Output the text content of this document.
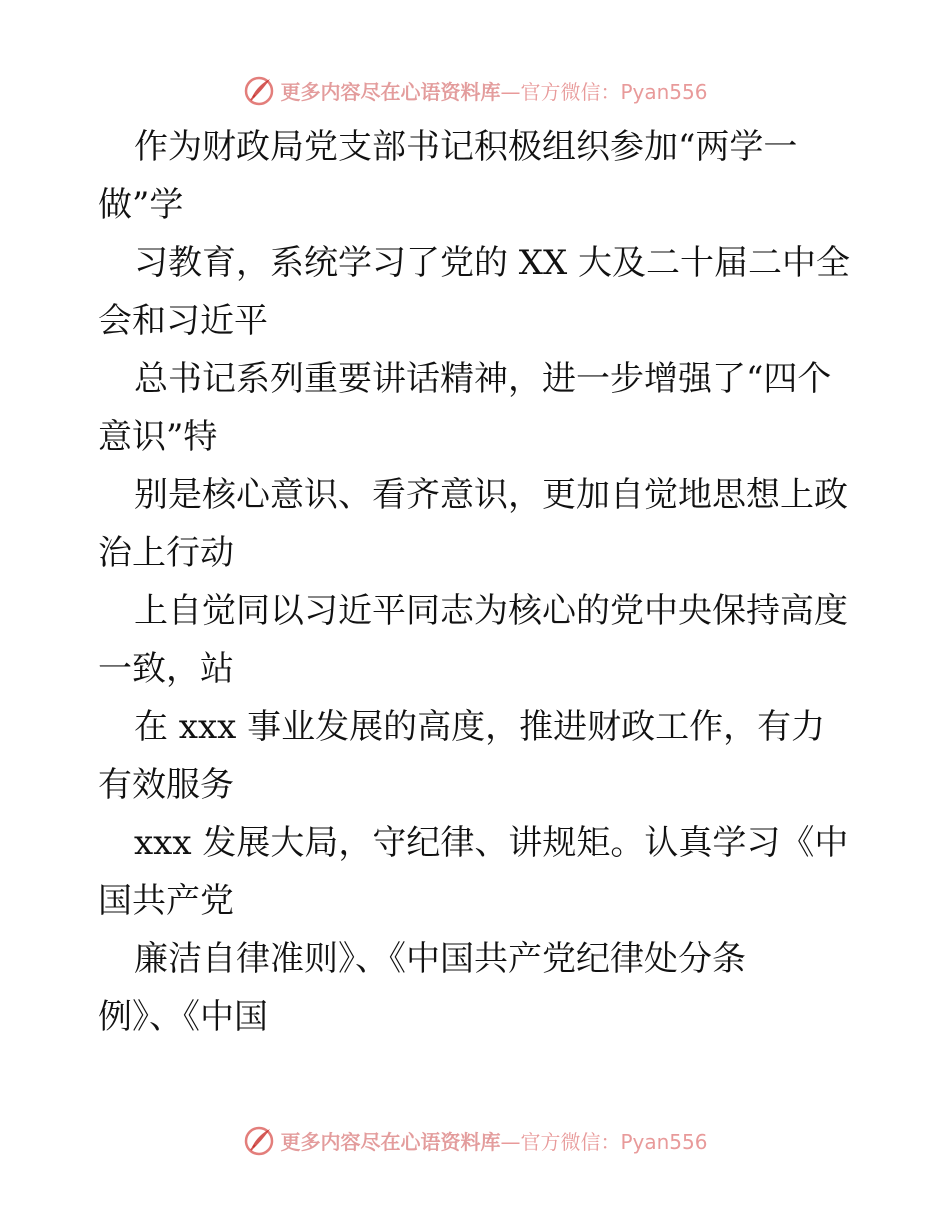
更多内容尽在心语资料库—官方微信：Pyan556
作为财政局党支部书记积极组织参加“两学一
做”学
习教育，系统学习了党的 XX 大及二十届二中全
会和习近平
总书记系列重要讲话精神，进一步增强了“四个
意识”特
别是核心意识、看齐意识，更加自觉地思想上政
治上行动
上自觉同以习近平同志为核心的党中央保持高度
一致，站
在 xxx 事业发展的高度，推进财政工作，有力
有效服务
xxx 发展大局，守纪律、讲规矩。认真学习《中
国共产党
廉洁自律准则》、《中国共产党纪律处分条
例》、《中国
更多内容尽在心语资料库—官方微信：Pyan556
